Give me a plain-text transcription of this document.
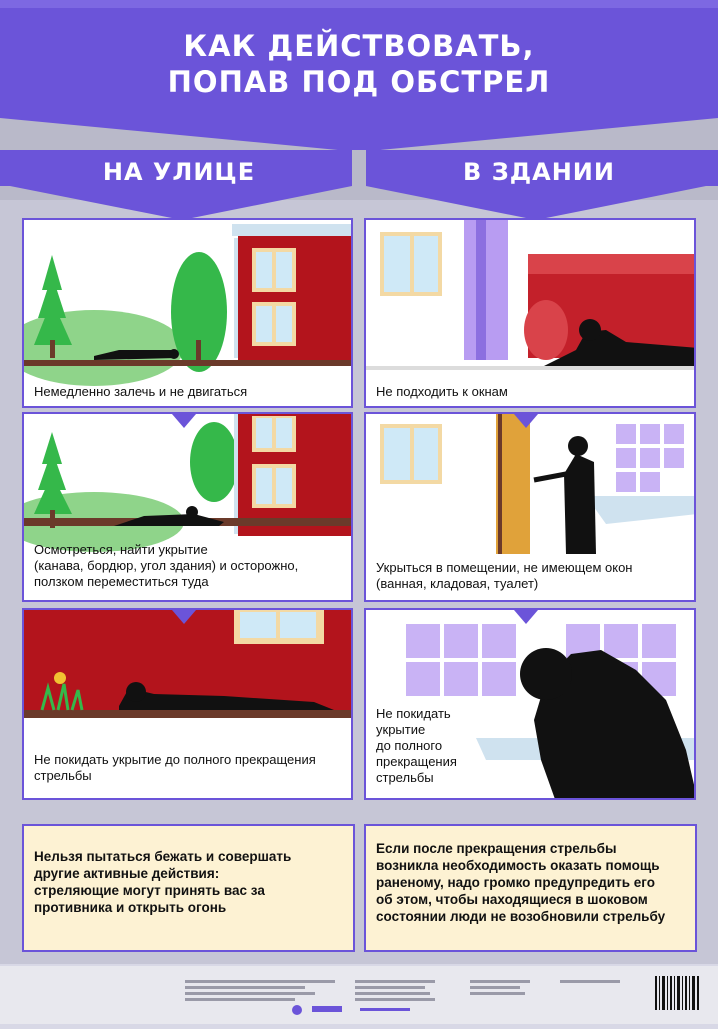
КАК ДЕЙСТВОВАТЬ,
ПОПАВ ПОД ОБСТРЕЛ
НА УЛИЦЕ	В ЗДАНИИ
Немедленно залечь и не двигаться
Осмотреться, найти укрытие
(канава, бордюр, угол здания) и осторожно,
ползком переместиться туда
Не покидать укрытие до полного прекращения
стрельбы
Не подходить к окнам
Укрыться в помещении, не имеющем окон
(ванная, кладовая, туалет)
Не покидать
укрытие
до полного
прекращения
стрельбы
Нельзя пытаться бежать и совершать
другие активные действия:
стреляющие могут принять вас за
противника и открыть огонь
Если после прекращения стрельбы
возникла необходимость оказать помощь
раненому, надо громко предупредить его
об этом, чтобы находящиеся в шоковом
состоянии люди не возобновили стрельбу
